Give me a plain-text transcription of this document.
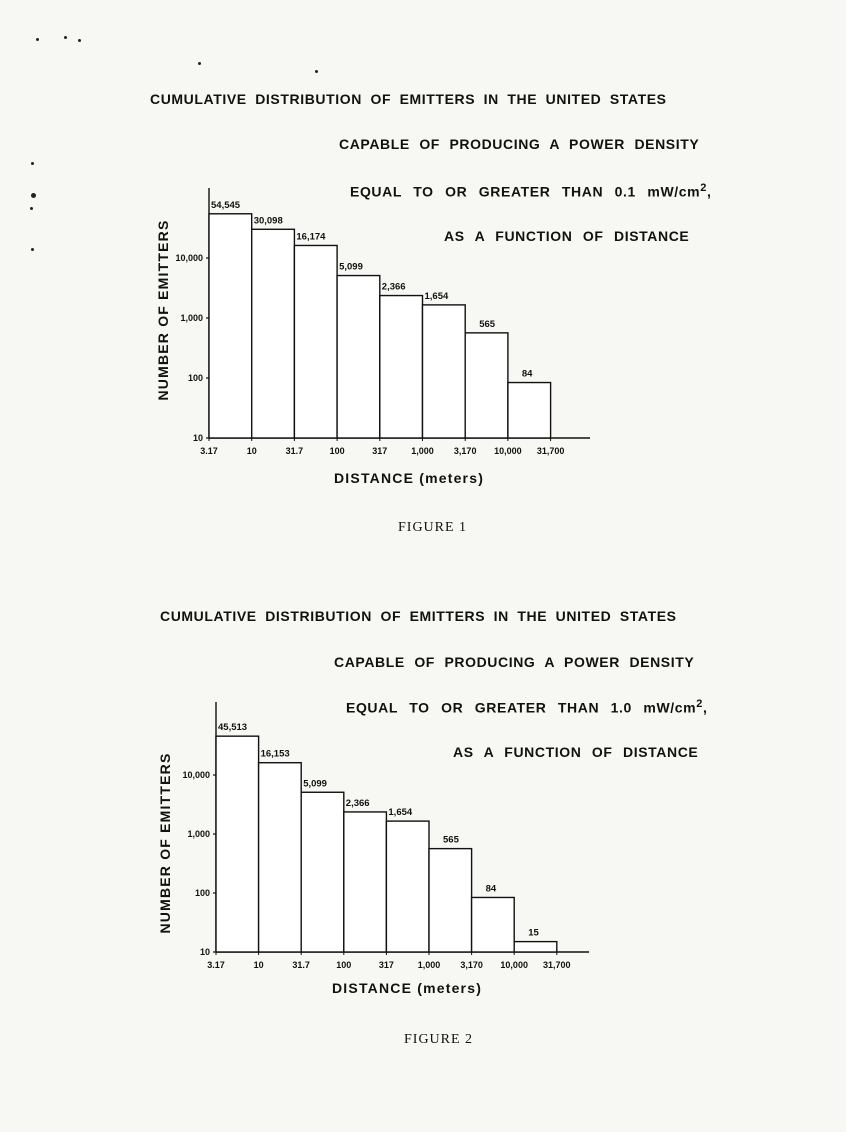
CUMULATIVE DISTRIBUTION OF EMITTERS IN THE UNITED STATES

CAPABLE OF PRODUCING A POWER DENSITY

EQUAL TO OR GREATER THAN 0.1 $mW/cm^2$,

AS A FUNCTION OF DISTANCE

NUMBER OF EMITTERS

DISTANCE (meters)

FIGURE 1

CUMULATIVE DISTRIBUTION OF EMITTERS IN THE UNITED STATES

CAPABLE OF PRODUCING A POWER DENSITY

EQUAL TO OR GREATER THAN 1.0 $mW/cm^2$,

AS A FUNCTION OF DISTANCE

NUMBER OF EMITTERS

DISTANCE (meters)

FIGURE 2

10
100
1,000
10,000
3.17	10	31.7	100	317	1,000 3,170 10,000 31,700
54,545
30,098
16,174
5,099
2,366
1,654
565
84
10
100
1,000
10,000
3.17	10	31.7	100	317	1,000 3,170 10,000 31,700
45,513
16,153
5,099
2,366
1,654
565
84
15
